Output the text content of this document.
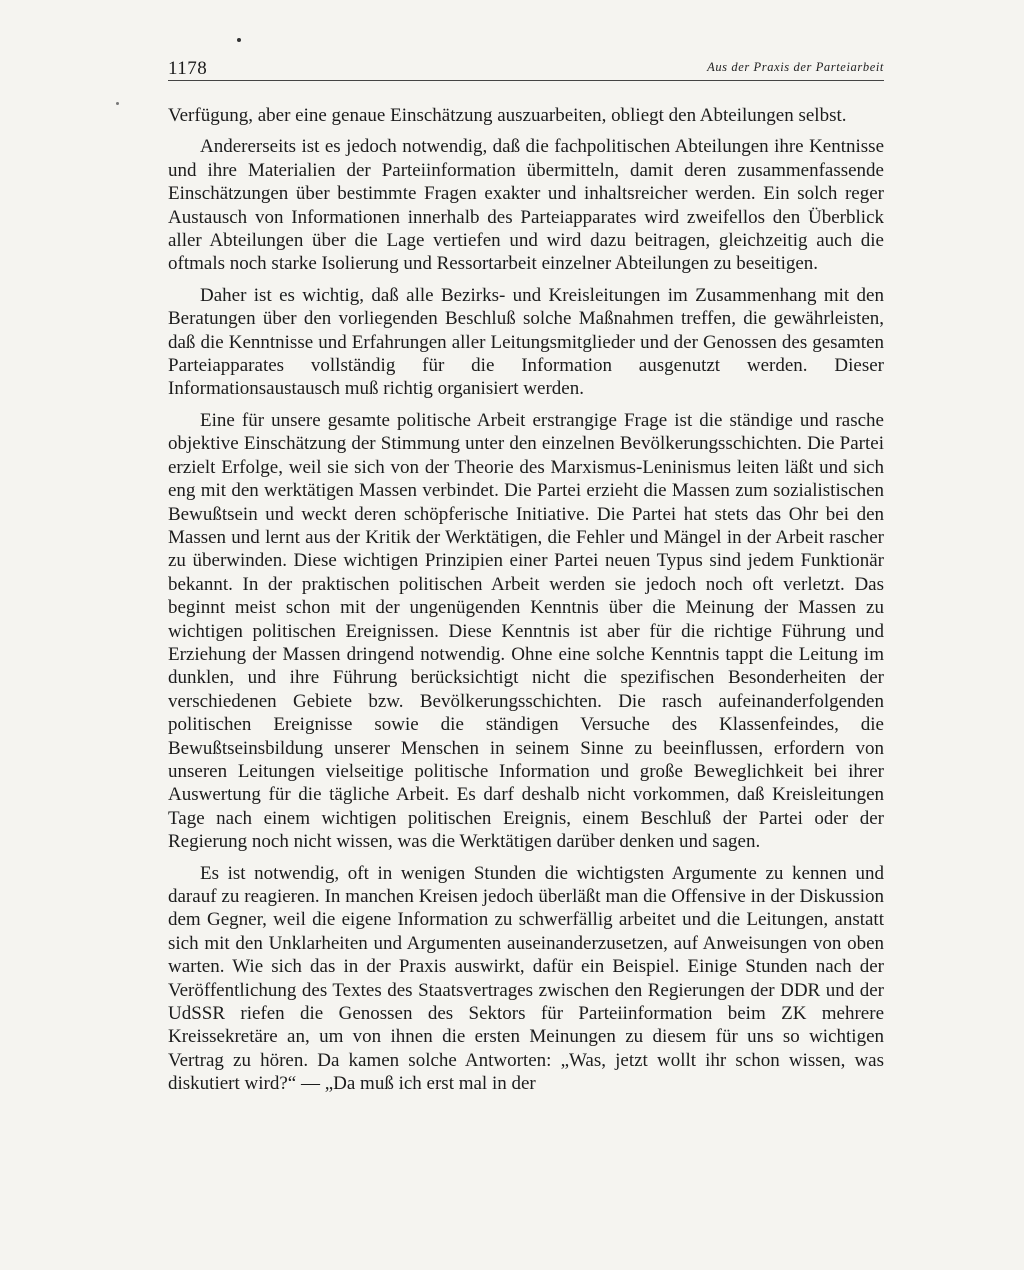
1178	Aus der Praxis der Parteiarbeit

Verfügung, aber eine genaue Einschätzung auszuarbeiten, obliegt den Abteilungen selbst.

Andererseits ist es jedoch notwendig, daß die fachpolitischen Abteilungen ihre Kentnisse und ihre Materialien der Parteiinformation übermitteln, damit deren zusammenfassende Einschätzungen über bestimmte Fragen exakter und inhaltsreicher werden. Ein solch reger Austausch von Informationen innerhalb des Parteiapparates wird zweifellos den Überblick aller Abteilungen über die Lage vertiefen und wird dazu beitragen, gleichzeitig auch die oftmals noch starke Isolierung und Ressortarbeit einzelner Abteilungen zu beseitigen.

Daher ist es wichtig, daß alle Bezirks- und Kreisleitungen im Zusammenhang mit den Beratungen über den vorliegenden Beschluß solche Maßnahmen treffen, die gewährleisten, daß die Kenntnisse und Erfahrungen aller Leitungsmitglieder und der Genossen des gesamten Parteiapparates vollständig für die Information ausgenutzt werden. Dieser Informationsaustausch muß richtig organisiert werden.

Eine für unsere gesamte politische Arbeit erstrangige Frage ist die ständige und rasche objektive Einschätzung der Stimmung unter den einzelnen Bevölkerungsschichten. Die Partei erzielt Erfolge, weil sie sich von der Theorie des Marxismus-Leninismus leiten läßt und sich eng mit den werktätigen Massen verbindet. Die Partei erzieht die Massen zum sozialistischen Bewußtsein und weckt deren schöpferische Initiative. Die Partei hat stets das Ohr bei den Massen und lernt aus der Kritik der Werktätigen, die Fehler und Mängel in der Arbeit rascher zu überwinden. Diese wichtigen Prinzipien einer Partei neuen Typus sind jedem Funktionär bekannt. In der praktischen politischen Arbeit werden sie jedoch noch oft verletzt. Das beginnt meist schon mit der ungenügenden Kenntnis über die Meinung der Massen zu wichtigen politischen Ereignissen. Diese Kenntnis ist aber für die richtige Führung und Erziehung der Massen dringend notwendig. Ohne eine solche Kenntnis tappt die Leitung im dunklen, und ihre Führung berücksichtigt nicht die spezifischen Besonderheiten der verschiedenen Gebiete bzw. Bevölkerungsschichten. Die rasch aufeinanderfolgenden politischen Ereignisse sowie die ständigen Versuche des Klassenfeindes, die Bewußtseinsbildung unserer Menschen in seinem Sinne zu beeinflussen, erfordern von unseren Leitungen vielseitige politische Information und große Beweglichkeit bei ihrer Auswertung für die tägliche Arbeit. Es darf deshalb nicht vorkommen, daß Kreisleitungen Tage nach einem wichtigen politischen Ereignis, einem Beschluß der Partei oder der Regierung noch nicht wissen, was die Werktätigen darüber denken und sagen.

Es ist notwendig, oft in wenigen Stunden die wichtigsten Argumente zu kennen und darauf zu reagieren. In manchen Kreisen jedoch überläßt man die Offensive in der Diskussion dem Gegner, weil die eigene Information zu schwerfällig arbeitet und die Leitungen, anstatt sich mit den Unklarheiten und Argumenten auseinanderzusetzen, auf Anweisungen von oben warten. Wie sich das in der Praxis auswirkt, dafür ein Beispiel. Einige Stunden nach der Veröffentlichung des Textes des Staatsvertrages zwischen den Regierungen der DDR und der UdSSR riefen die Genossen des Sektors für Parteiinformation beim ZK mehrere Kreissekretäre an, um von ihnen die ersten Meinungen zu diesem für uns so wichtigen Vertrag zu hören. Da kamen solche Antworten: „Was, jetzt wollt ihr schon wissen, was diskutiert wird?“ — „Da muß ich erst mal in der
